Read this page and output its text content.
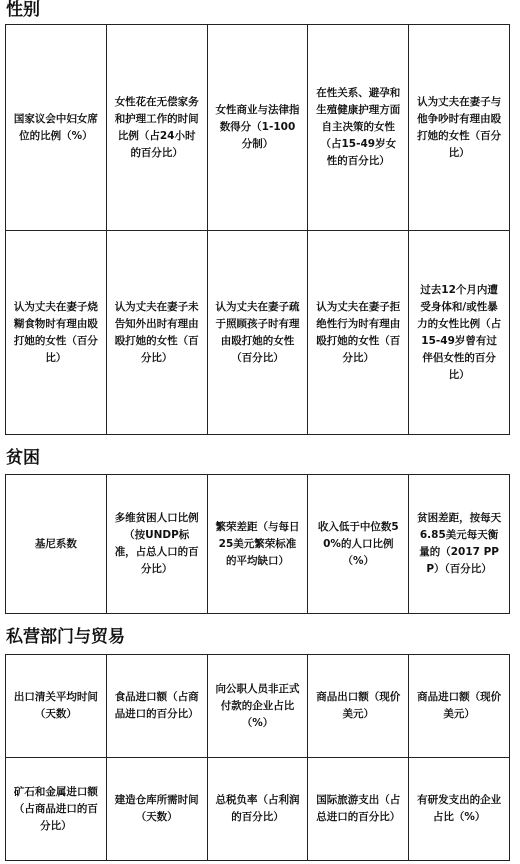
性别
国家议会中妇女席位的比例（%）
女性花在无偿家务和护理工作的时间比例（占24小时的百分比）
女性商业与法律指数得分（1-100分制）
在性关系、避孕和生殖健康护理方面自主决策的女性（占15-49岁女性的百分比）
认为丈夫在妻子与他争吵时有理由殴打她的女性（百分比）
认为丈夫在妻子烧糊食物时有理由殴打她的女性（百分比）
认为丈夫在妻子未告知外出时有理由殴打她的女性（百分比）
认为丈夫在妻子疏于照顾孩子时有理由殴打她的女性（百分比）
认为丈夫在妻子拒绝性行为时有理由殴打她的女性（百分比）
过去12个月内遭受身体和/或性暴力的女性比例（占15-49岁曾有过伴侣女性的百分比）
贫困
基尼系数
多维贫困人口比例（按UNDP标准，占总人口的百分比）
繁荣差距（与每日25美元繁荣标准的平均缺口）
收入低于中位数50%的人口比例（%）
贫困差距，按每天6.85美元每天衡量的（2017 PPP）（百分比）
私营部门与贸易
出口清关平均时间（天数）
食品进口额（占商品进口的百分比）
向公职人员非正式付款的企业占比（%）
商品出口额（现价美元）
商品进口额（现价美元）
矿石和金属进口额（占商品进口的百分比）
建造仓库所需时间（天数）
总税负率（占利润的百分比）
国际旅游支出（占总进口的百分比）
有研发支出的企业占比（%）
